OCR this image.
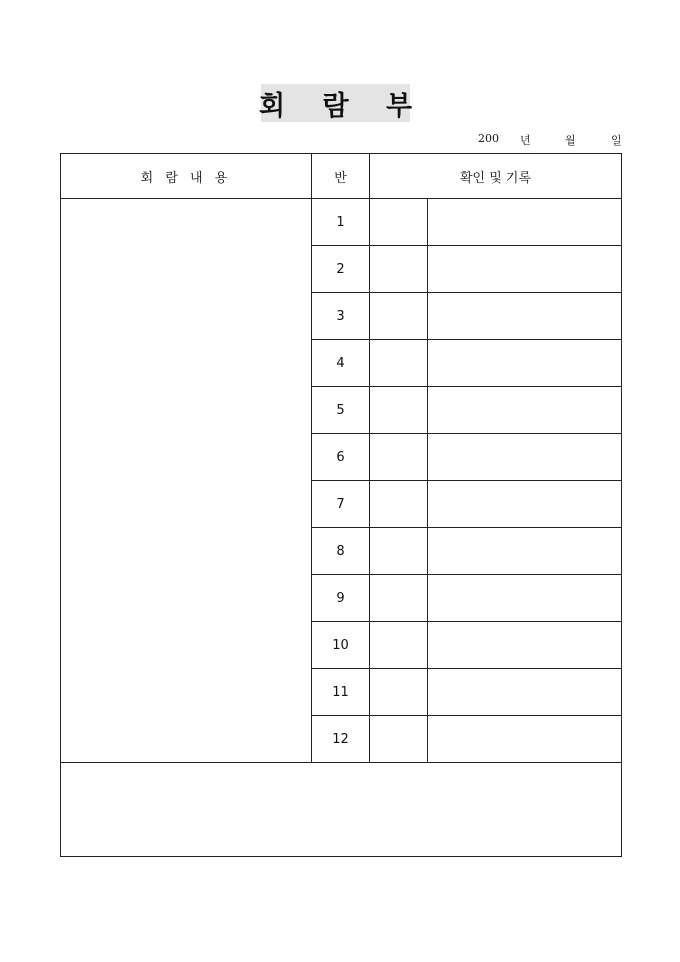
회 람 부
200 년	월	일
회 람 내 용	반	확인 및 기록	
	1		
	2		
	3		
	4		
	5		
	6		
	7		
	8		
	9		
	10		
	11		
	12		
